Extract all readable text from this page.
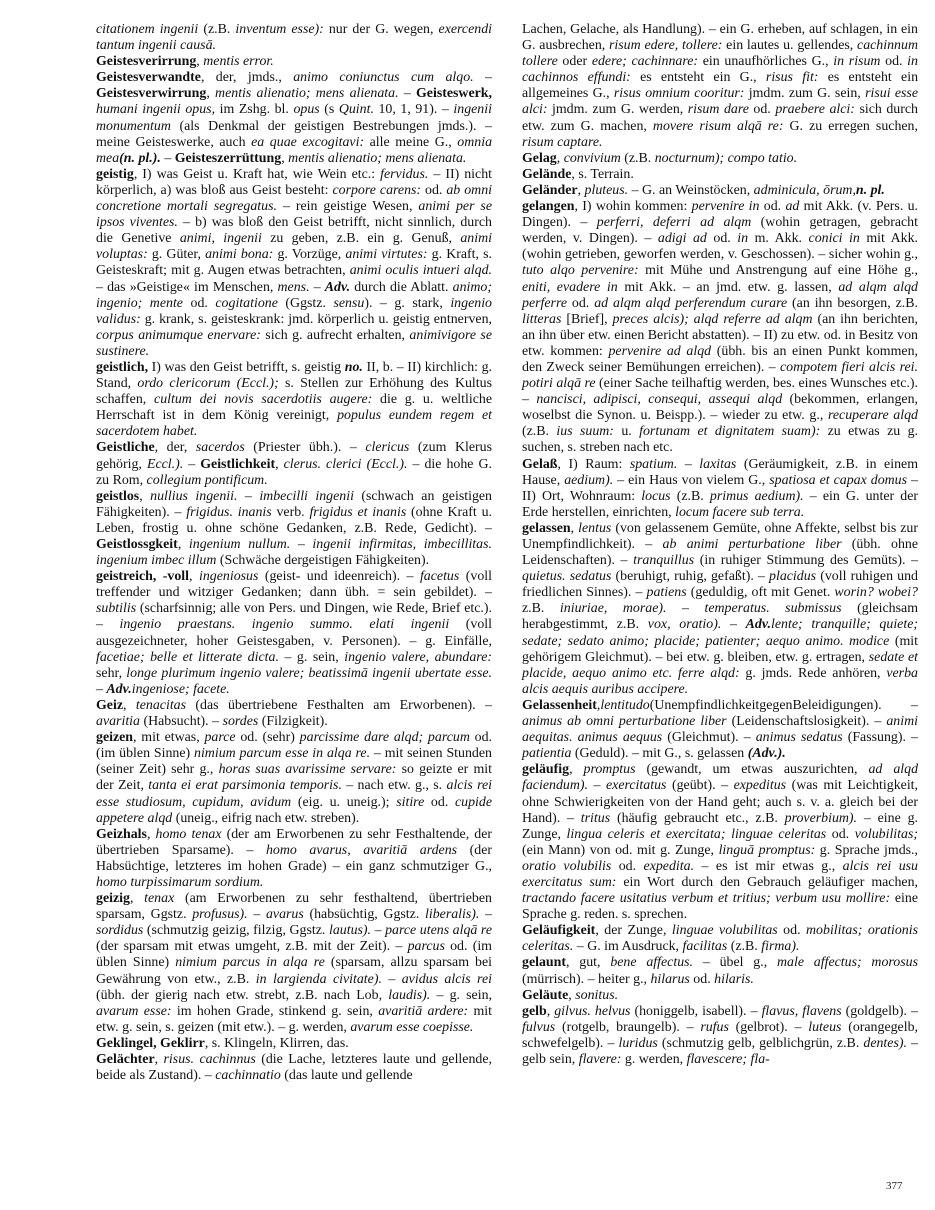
citationem ingenii (z.B. inventum esse): nur der G. wegen, exercendi tantum ingenii causā.

Geistesverirrung, mentis error.

Geistesverwandte, der, jmds., animo coniunctus cum alqo. – Geistesverwirrung, mentis alienatio; mens alienata. – Geisteswerk, humani ingenii opus, im Zshg. bl. opus (s Quint. 10, 1, 91). – ingenii monumentum (als Denkmal der geistigen Bestrebungen jmds.). – meine Geisteswerke, auch ea quae excogitavi: alle meine G., omnia mea(n. pl.). – Geisteszerrüttung, mentis alienatio; mens alienata.

geistig, I) was Geist u. Kraft hat, wie Wein etc.: fervidus. – II) nicht körperlich, a) was bloß aus Geist besteht: corpore carens: od. ab omni concretione mortali segregatus. – rein geistige Wesen, animi per se ipsos viventes. – b) was bloß den Geist betrifft, nicht sinnlich, durch die Genetive animi, ingenii zu geben, z.B. ein g. Genuß, animi voluptas: g. Güter, animi bona: g. Vorzüge, animi virtutes: g. Kraft, s. Geisteskraft; mit g. Augen etwas betrachten, animi oculis intueri alqd. – das »Geistige« im Menschen, mens. – Adv. durch die Ablatt. animo; ingenio; mente od. cogitatione (Ggstz. sensu). – g. stark, ingenio validus: g. krank, s. geisteskrank: jmd. körperlich u. geistig entnerven, corpus animumque enervare: sich g. aufrecht erhalten, animivigore se sustinere.

geistlich, I) was den Geist betrifft, s. geistig no. II, b. – II) kirchlich: g. Stand, ordo clericorum (Eccl.); s. Stellen zur Erhöhung des Kultus schaffen, cultum dei novis sacerdotiis augere: die g. u. weltliche Herrschaft ist in dem König vereinigt, populus eundem regem et sacerdotem habet.

Geistliche, der, sacerdos (Priester übh.). – clericus (zum Klerus gehörig, Eccl.). – Geistlichkeit, clerus. clerici (Eccl.). – die hohe G. zu Rom, collegium pontificum.

geistlos, nullius ingenii. – imbecilli ingenii (schwach an geistigen Fähigkeiten). – frigidus. inanis verb. frigidus et inanis (ohne Kraft u. Leben, frostig u. ohne schöne Gedanken, z.B. Rede, Gedicht). – Geistlossgkeit, ingenium nullum. – ingenii infirmitas, imbecillitas. ingenium imbec illum (Schwäche dergeistigen Fähigkeiten).

geistreich, -voll, ingeniosus (geist- und ideenreich). – facetus (voll treffender und witziger Gedanken; dann übh. = sein gebildet). – subtilis (scharfsinnig; alle von Pers. und Dingen, wie Rede, Brief etc.). – ingenio praestans. ingenio summo. elati ingenii (voll ausgezeichneter, hoher Geistesgaben, v. Personen). – g. Einfälle, facetiae; belle et litterate dicta. – g. sein, ingenio valere, abundare: sehr, longe plurimum ingenio valere; beatissimā ingenii ubertate esse. – Adv.ingeniose; facete.

Geiz, tenacitas (das übertriebene Festhalten am Erworbenen). – avaritia (Habsucht). – sordes (Filzigkeit).

geizen, mit etwas, parce od. (sehr) parcissime dare alqd; parcum od. (im üblen Sinne) nimium parcum esse in alqa re. – mit seinen Stunden (seiner Zeit) sehr g., horas suas avarissime servare: so geizte er mit der Zeit, tanta ei erat parsimonia temporis. – nach etw. g., s. alcis rei esse studiosum, cupidum, avidum (eig. u. uneig.); sitire od. cupide appetere alqd (uneig., eifrig nach etw. streben).

Geizhals, homo tenax (der am Erworbenen zu sehr Festhaltende, der übertrieben Sparsame). – homo avarus, avaritiā ardens (der Habsüchtige, letzteres im hohen Grade) – ein ganz schmutziger G., homo turpissimarum sordium.

geizig, tenax (am Erworbenen zu sehr festhaltend, übertrieben sparsam, Ggstz. profusus). – avarus (habsüchtig, Ggstz. liberalis). – sordidus (schmutzig geizig, filzig, Ggstz. lautus). – parce utens alqā re (der sparsam mit etwas umgeht, z.B. mit der Zeit). – parcus od. (im üblen Sinne) nimium parcus in alqa re (sparsam, allzu sparsam bei Gewährung von etw., z.B. in largienda civitate). – avidus alcis rei (übh. der gierig nach etw. strebt, z.B. nach Lob, laudis). – g. sein, avarum esse: im hohen Grade, stinkend g. sein, avaritiā ardere: mit etw. g. sein, s. geizen (mit etw.). – g. werden, avarum esse coepisse.

Geklingel, Geklirr, s. Klingeln, Klirren, das.

Gelächter, risus. cachinnus (die Lache, letzteres laute und gellende, beide als Zustand). – cachinnatio (das laute und gellende

Lachen, Gelache, als Handlung). – ein G. erheben, auf schlagen, in ein G. ausbrechen, risum edere, tollere: ein lautes u. gellendes, cachinnum tollere oder edere; cachinnare: ein unaufhörliches G., in risum od. in cachinnos effundi: es entsteht ein G., risus fit: es entsteht ein allgemeines G., risus omnium cooritur: jmdm. zum G. sein, risui esse alci: jmdm. zum G. werden, risum dare od. praebere alci: sich durch etw. zum G. machen, movere risum alqā re: G. zu erregen suchen, risum captare.

Gelag, convivium (z.B. nocturnum); compo tatio.

Gelände, s. Terrain.

Geländer, pluteus. – G. an Weinstöcken, adminicula, ōrum,n. pl.

gelangen, I) wohin kommen: pervenire in od. ad mit Akk. (v. Pers. u. Dingen). – perferri, deferri ad alqm (wohin getragen, gebracht werden, v. Dingen). – adigi ad od. in m. Akk. conici in mit Akk. (wohin getrieben, geworfen werden, v. Geschossen). – sicher wohin g., tuto alqo pervenire: mit Mühe und Anstrengung auf eine Höhe g., eniti, evadere in mit Akk. – an jmd. etw. g. lassen, ad alqm alqd perferre od. ad alqm alqd perferendum curare (an ihn besorgen, z.B. litteras [Brief], preces alcis); alqd referre ad alqm (an ihn berichten, an ihn über etw. einen Bericht abstatten). – II) zu etw. od. in Besitz von etw. kommen: pervenire ad alqd (übh. bis an einen Punkt kommen, den Zweck seiner Bemühungen erreichen). – compotem fieri alcis rei. potiri alqā re (einer Sache teilhaftig werden, bes. eines Wunsches etc.). – nancisci, adipisci, consequi, assequi alqd (bekommen, erlangen, woselbst die Synon. u. Beispp.). – wieder zu etw. g., recuperare alqd (z.B. ius suum: u. fortunam et dignitatem suam): zu etwas zu g. suchen, s. streben nach etc.

Gelaß, I) Raum: spatium. – laxitas (Geräumigkeit, z.B. in einem Hause, aedium). – ein Haus von vielem G., spatiosa et capax domus – II) Ort, Wohnraum: locus (z.B. primus aedium). – ein G. unter der Erde herstellen, einrichten, locum facere sub terra.

gelassen, lentus (von gelassenem Gemüte, ohne Affekte, selbst bis zur Unempfindlichkeit). – ab animi perturbatione liber (übh. ohne Leidenschaften). – tranquillus (in ruhiger Stimmung des Gemüts). – quietus. sedatus (beruhigt, ruhig, gefaßt). – placidus (voll ruhigen und friedlichen Sinnes). – patiens (geduldig, oft mit Genet. worin? wobei? z.B. iniuriae, morae). – temperatus. submissus (gleichsam herabgestimmt, z.B. vox, oratio). – Adv.lente; tranquille; quiete; sedate; sedato animo; placide; patienter; aequo animo. modice (mit gehörigem Gleichmut). – bei etw. g. bleiben, etw. g. ertragen, sedate et placide, aequo animo etc. ferre alqd: g. jmds. Rede anhören, verba alcis aequis auribus accipere.

Gelassenheit,lentitudo(UnempfindlichkeitgegenBeleidigungen). – animus ab omni perturbatione liber (Leidenschaftslosigkeit). – animi aequitas. animus aequus (Gleichmut). – animus sedatus (Fassung). – patientia (Geduld). – mit G., s. gelassen (Adv.).

geläufig, promptus (gewandt, um etwas auszurichten, ad alqd faciendum). – exercitatus (geübt). – expeditus (was mit Leichtigkeit, ohne Schwierigkeiten von der Hand geht; auch s. v. a. gleich bei der Hand). – tritus (häufig gebraucht etc., z.B. proverbium). – eine g. Zunge, lingua celeris et exercitata; linguae celeritas od. volubilitas; (ein Mann) von od. mit g. Zunge, linguā promptus: g. Sprache jmds., oratio volubilis od. expedita. – es ist mir etwas g., alcis rei usu exercitatus sum: ein Wort durch den Gebrauch geläufiger machen, tractando facere usitatius verbum et tritius; verbum usu mollire: eine Sprache g. reden. s. sprechen.

Geläufigkeit, der Zunge, linguae volubilitas od. mobilitas; orationis celeritas. – G. im Ausdruck, facilitas (z.B. firma).

gelaunt, gut, bene affectus. – übel g., male affectus; morosus (mürrisch). – heiter g., hilarus od. hilaris.

Geläute, sonitus.

gelb, gilvus. helvus (honiggelb, isabell). – flavus, flavens (goldgelb). – fulvus (rotgelb, braungelb). – rufus (gelbrot). – luteus (orangegelb, schwefelgelb). – luridus (schmutzig gelb, gelblichgrün, z.B. dentes). – gelb sein, flavere: g. werden, flavescere; fla-

377
